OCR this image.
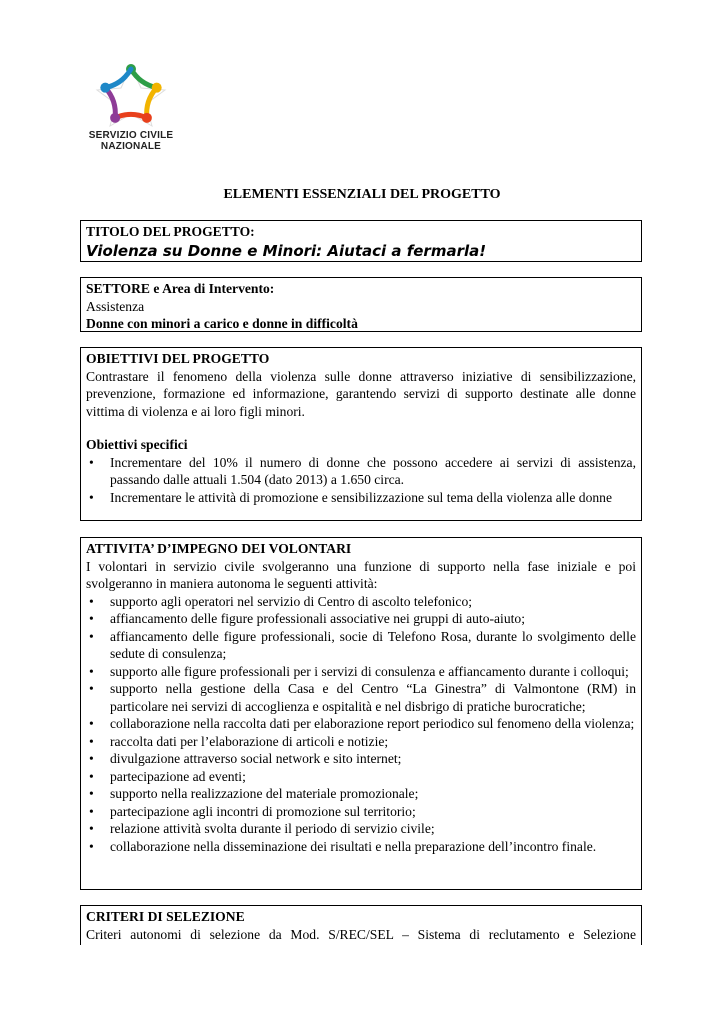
SERVIZIO CIVILE
NAZIONALE
ELEMENTI ESSENZIALI DEL PROGETTO
TITOLO DEL PROGETTO:
Violenza su Donne e Minori: Aiutaci a fermarla!
SETTORE e Area di Intervento:
Assistenza
Donne con minori a carico e donne in difficoltà
OBIETTIVI DEL PROGETTO
Contrastare il fenomeno della violenza sulle donne attraverso iniziative di sensibilizzazione, prevenzione, formazione ed informazione, garantendo servizi di supporto destinate alle donne vittima di violenza e ai loro figli minori.
Obiettivi specifici
• Incrementare del 10% il numero di donne che possono accedere ai servizi di assistenza, passando dalle attuali 1.504 (dato 2013) a 1.650 circa.
• Incrementare le attività di promozione e sensibilizzazione sul tema della violenza alle donne
ATTIVITA’ D’IMPEGNO DEI VOLONTARI
I volontari in servizio civile svolgeranno una funzione di supporto nella fase iniziale e poi svolgeranno in maniera autonoma le seguenti attività:
• supporto agli operatori nel servizio di Centro di ascolto telefonico;
• affiancamento delle figure professionali associative nei gruppi di auto-aiuto;
• affiancamento delle figure professionali, socie di Telefono Rosa, durante lo svolgimento delle sedute di consulenza;
• supporto alle figure professionali per i servizi di consulenza e affiancamento durante i colloqui;
• supporto nella gestione della Casa e del Centro “La Ginestra” di Valmontone (RM) in particolare nei servizi di accoglienza e ospitalità e nel disbrigo di pratiche burocratiche;
• collaborazione nella raccolta dati per elaborazione report periodico sul fenomeno della violenza;
• raccolta dati per l’elaborazione di articoli e notizie;
• divulgazione attraverso social network e sito internet;
• partecipazione ad eventi;
• supporto nella realizzazione del materiale promozionale;
• partecipazione agli incontri di promozione sul territorio;
• relazione attività svolta durante il periodo di servizio civile;
• collaborazione nella disseminazione dei risultati e nella preparazione dell’incontro finale.
CRITERI DI SELEZIONE
Criteri autonomi di selezione da Mod. S/REC/SEL – Sistema di reclutamento e Selezione
